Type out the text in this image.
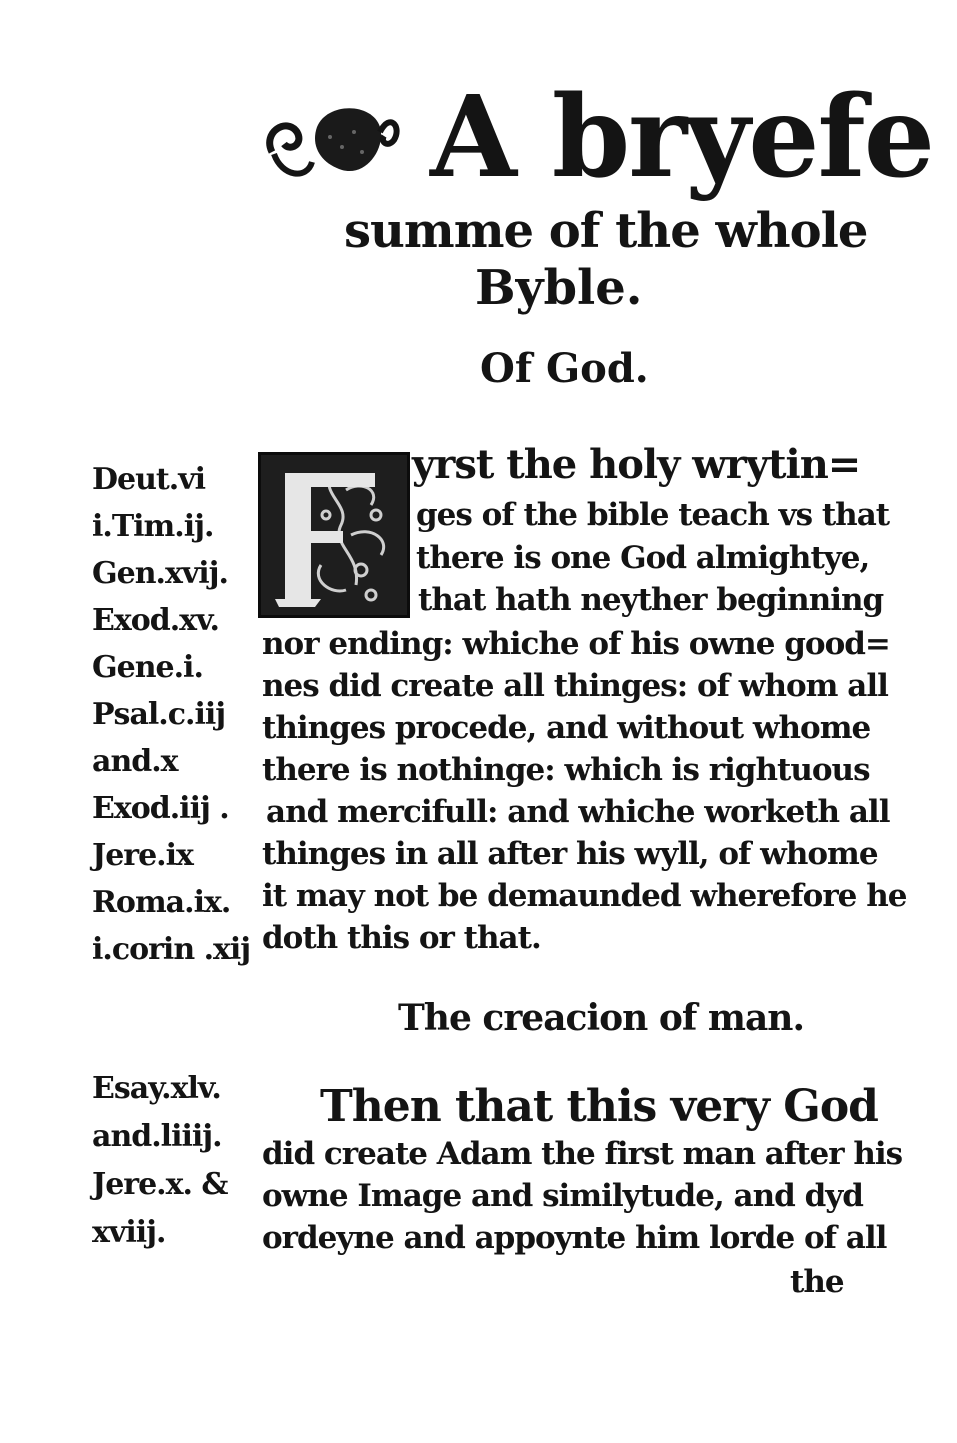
A bryefe
summe of the whole
Byble.
Of God.
Deut.vi
i.Tim.ij.
Gen.xvij.
Exod.xv.
Gene.i.
Psal.c.iij
and.x
Exod.iij .
Jere.ix
Roma.ix.
i.corin .xij
yrst the holy wrytin=
ges of the bible teach vs that
there is one God almightye,
that hath neyther beginning
nor ending: whiche of his owne good=
nes did create all thinges: of whom all
thinges procede, and without whome
there is nothinge: which is rightuous
and mercifull: and whiche worketh all
thinges in all after his wyll, of whome
it may not be demaunded wherefore he
doth this or that.
The creacion of man.
Esay.xlv.
and.liiij.
Jere.x. &
xviij.
Then that this very God
did create Adam the first man after his
owne Image and similytude, and dyd
ordeyne and appoynte him lorde of all
the
